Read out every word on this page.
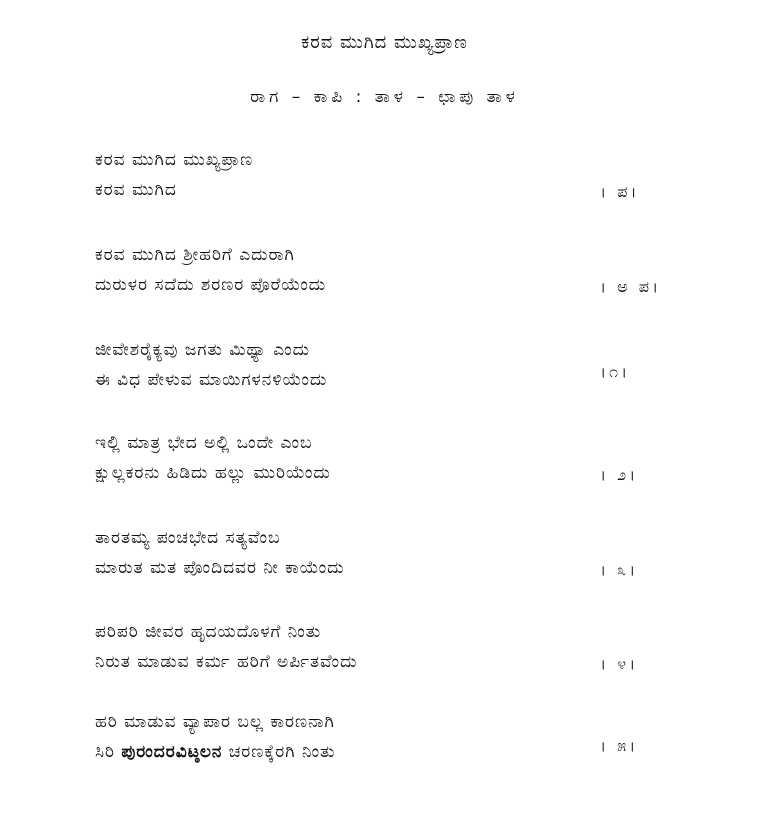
ಕರವ ಮುಗಿದ ಮುಖ್ಯಪ್ರಾಣ
ರಾಗ – ಕಾಪಿ : ತಾಳ – ಛಾಪು ತಾಳ
ಕರವ ಮುಗಿದ ಮುಖ್ಯಪ್ರಾಣ
ಕರವ ಮುಗಿದ	। ಪ।
ಕರವ ಮುಗಿದ ಶ್ರೀಹರಿಗೆ ಎದುರಾಗಿ
ದುರುಳರ ಸದೆದು ಶರಣರ ಪೊರೆಯೆಂದು	। ಅ ಪ।
ಜೀವೇಶರೈಕ್ಯವು ಜಗತು ಮಿಥ್ಯಾ ಎಂದು
ಈ ವಿಧ ಪೇಳುವ ಮಾಯಿಗಳನಳಿಯೆಂದು	।೧।
ಇಲ್ಲಿ ಮಾತ್ರ ಭೇದ ಅಲ್ಲಿ ಒಂದೇ ಎಂಬ
ಕ್ಷುಲ್ಲಕರನು ಹಿಡಿದು ಹಲ್ಲು ಮುರಿಯೆಂದು	। ೨।
ತಾರತಮ್ಯ ಪಂಚಭೇದ ಸತ್ಯವೆಂಬ
ಮಾರುತ ಮತ ಪೊಂದಿದವರ ನೀ ಕಾಯೆಂದು	। ೩।
ಪರಿಪರಿ ಜೀವರ ಹೃದಯದೊಳಗೆ ನಿಂತು
ನಿರುತ ಮಾಡುವ ಕರ್ಮ ಹರಿಗೆ ಅರ್ಪಿತವೆಂದು	। ೪।
ಹರಿ ಮಾಡುವ ವ್ಯಾಪಾರ ಬಲ್ಲ ಕಾರಣನಾಗಿ
ಸಿರಿ ಪುರಂದರವಿಟ್ಠಲನ ಚರಣಕ್ಕೆರಗಿ ನಿಂತು	। ೫।
